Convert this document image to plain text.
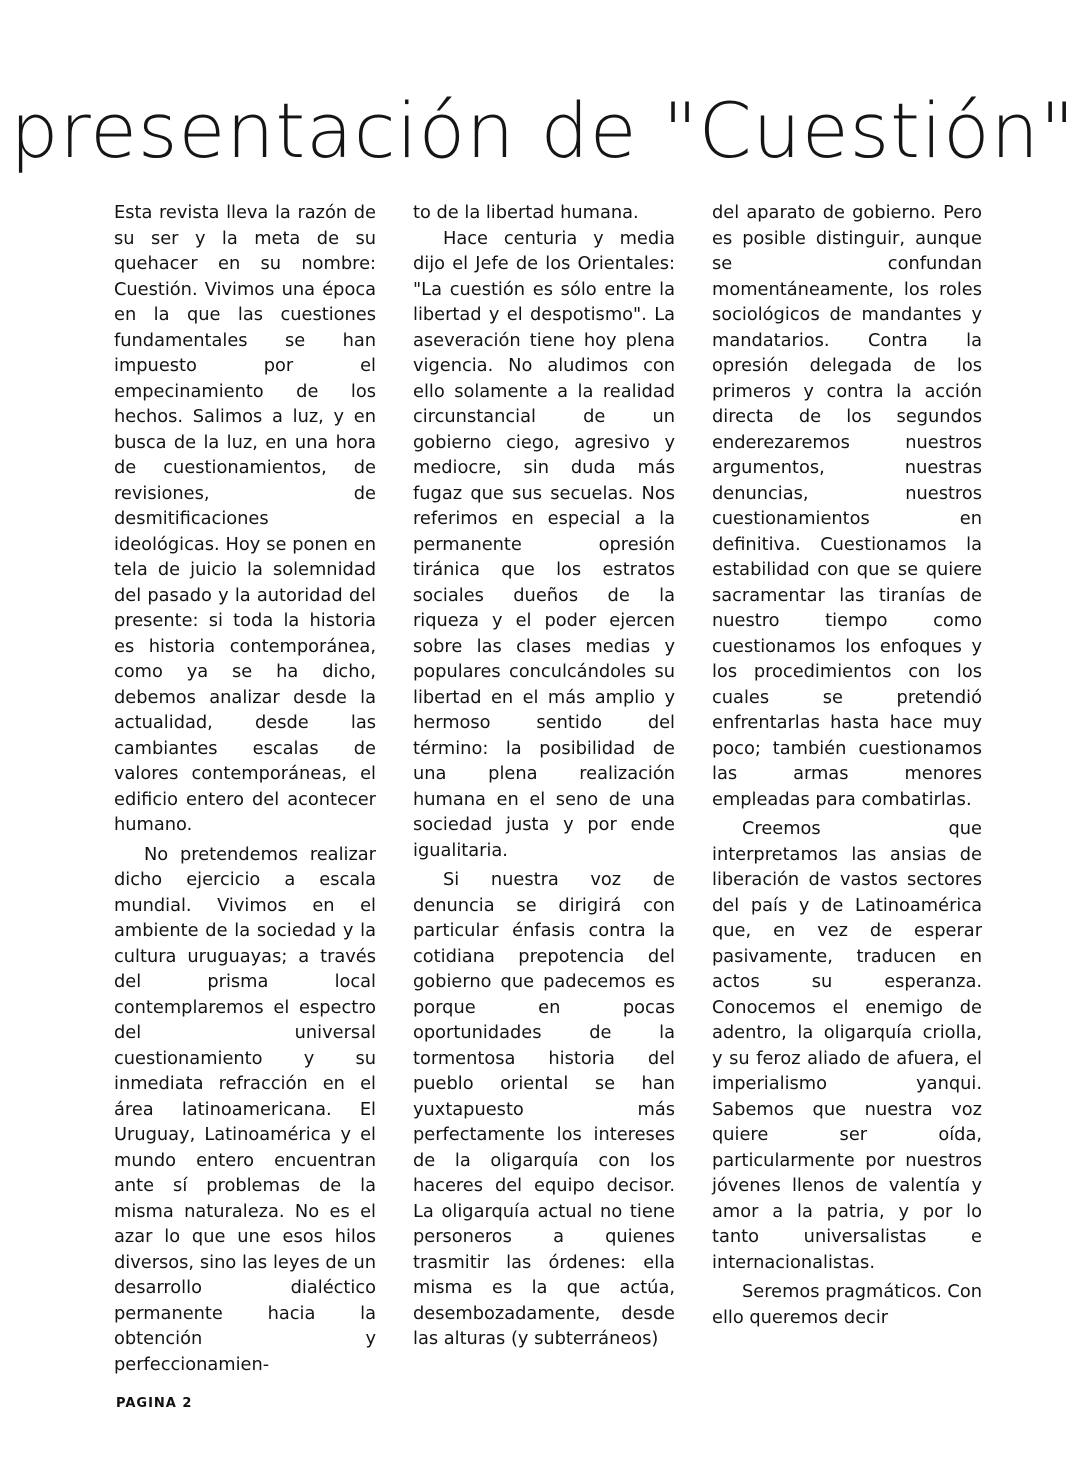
presentación de "Cuestión"

Esta revista lleva la razón de su ser y la meta de su quehacer en su nombre: Cuestión. Vivimos una época en la que las cuestiones fundamentales se han impuesto por el empecinamiento de los hechos. Salimos a luz, y en busca de la luz, en una hora de cuestionamientos, de revisiones, de desmitificaciones ideológicas. Hoy se ponen en tela de juicio la solemnidad del pasado y la autoridad del presente: si toda la historia es historia contemporánea, como ya se ha dicho, debemos analizar desde la actualidad, desde las cambiantes escalas de valores contemporáneas, el edificio entero del acontecer humano.

No pretendemos realizar dicho ejercicio a escala mundial. Vivimos en el ambiente de la sociedad y la cultura uruguayas; a través del prisma local contemplaremos el espectro del universal cuestionamiento y su inmediata refracción en el área latinoamericana. El Uruguay, Latinoamérica y el mundo entero encuentran ante sí problemas de la misma naturaleza. No es el azar lo que une esos hilos diversos, sino las leyes de un desarrollo dialéctico permanente hacia la obtención y perfeccionamien-

to de la libertad humana.

Hace centuria y media dijo el Jefe de los Orientales: "La cuestión es sólo entre la libertad y el despotismo". La aseveración tiene hoy plena vigencia. No aludimos con ello solamente a la realidad circunstancial de un gobierno ciego, agresivo y mediocre, sin duda más fugaz que sus secuelas. Nos referimos en especial a la permanente opresión tiránica que los estratos sociales dueños de la riqueza y el poder ejercen sobre las clases medias y populares conculcándoles su libertad en el más amplio y hermoso sentido del término: la posibilidad de una plena realización humana en el seno de una sociedad justa y por ende igualitaria.

Si nuestra voz de denuncia se dirigirá con particular énfasis contra la cotidiana prepotencia del gobierno que padecemos es porque en pocas oportunidades de la tormentosa historia del pueblo oriental se han yuxtapuesto más perfectamente los intereses de la oligarquía con los haceres del equipo decisor. La oligarquía actual no tiene personeros a quienes trasmitir las órdenes: ella misma es la que actúa, desembozadamente, desde las alturas (y subterráneos)

del aparato de gobierno. Pero es posible distinguir, aunque se confundan momentáneamente, los roles sociológicos de mandantes y mandatarios. Contra la opresión delegada de los primeros y contra la acción directa de los segundos enderezaremos nuestros argumentos, nuestras denuncias, nuestros cuestionamientos en definitiva. Cuestionamos la estabilidad con que se quiere sacramentar las tiranías de nuestro tiempo como cuestionamos los enfoques y los procedimientos con los cuales se pretendió enfrentarlas hasta hace muy poco; también cuestionamos las armas menores empleadas para combatirlas.

Creemos que interpretamos las ansias de liberación de vastos sectores del país y de Latinoamérica que, en vez de esperar pasivamente, traducen en actos su esperanza. Conocemos el enemigo de adentro, la oligarquía criolla, y su feroz aliado de afuera, el imperialismo yanqui. Sabemos que nuestra voz quiere ser oída, particularmente por nuestros jóvenes llenos de valentía y amor a la patria, y por lo tanto universalistas e internacionalistas.

Seremos pragmáticos. Con ello queremos decir

PAGINA 2
